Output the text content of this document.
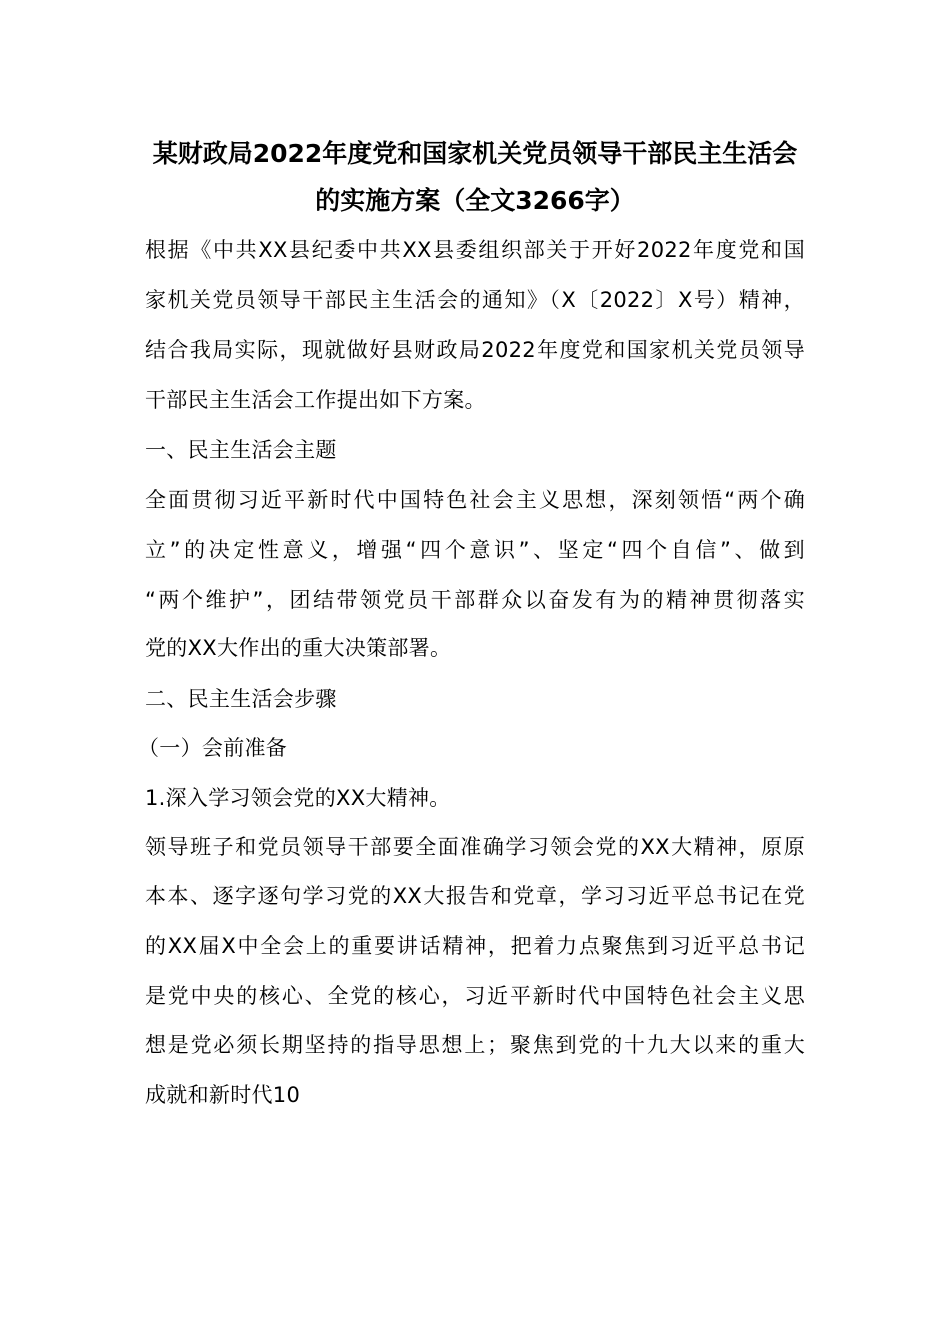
某财政局2022年度党和国家机关党员领导干部民主生活会

的实施方案（全文3266字）

根据《中共XX县纪委中共XX县委组织部关于开好2022年度党和国

家机关党员领导干部民主生活会的通知》（X〔2022〕X号）精神，

结合我局实际，现就做好县财政局2022年度党和国家机关党员领导

干部民主生活会工作提出如下方案。

一、民主生活会主题

全面贯彻习近平新时代中国特色社会主义思想，深刻领悟“两个确

立”的决定性意义，增强“四个意识”、坚定“四个自信”、做到

“两个维护”，团结带领党员干部群众以奋发有为的精神贯彻落实

党的XX大作出的重大决策部署。

二、民主生活会步骤

（一）会前准备

1.深入学习领会党的XX大精神。

领导班子和党员领导干部要全面准确学习领会党的XX大精神，原原

本本、逐字逐句学习党的XX大报告和党章，学习习近平总书记在党

的XX届X中全会上的重要讲话精神，把着力点聚焦到习近平总书记

是党中央的核心、全党的核心，习近平新时代中国特色社会主义思

想是党必须长期坚持的指导思想上；聚焦到党的十九大以来的重大

成就和新时代10
